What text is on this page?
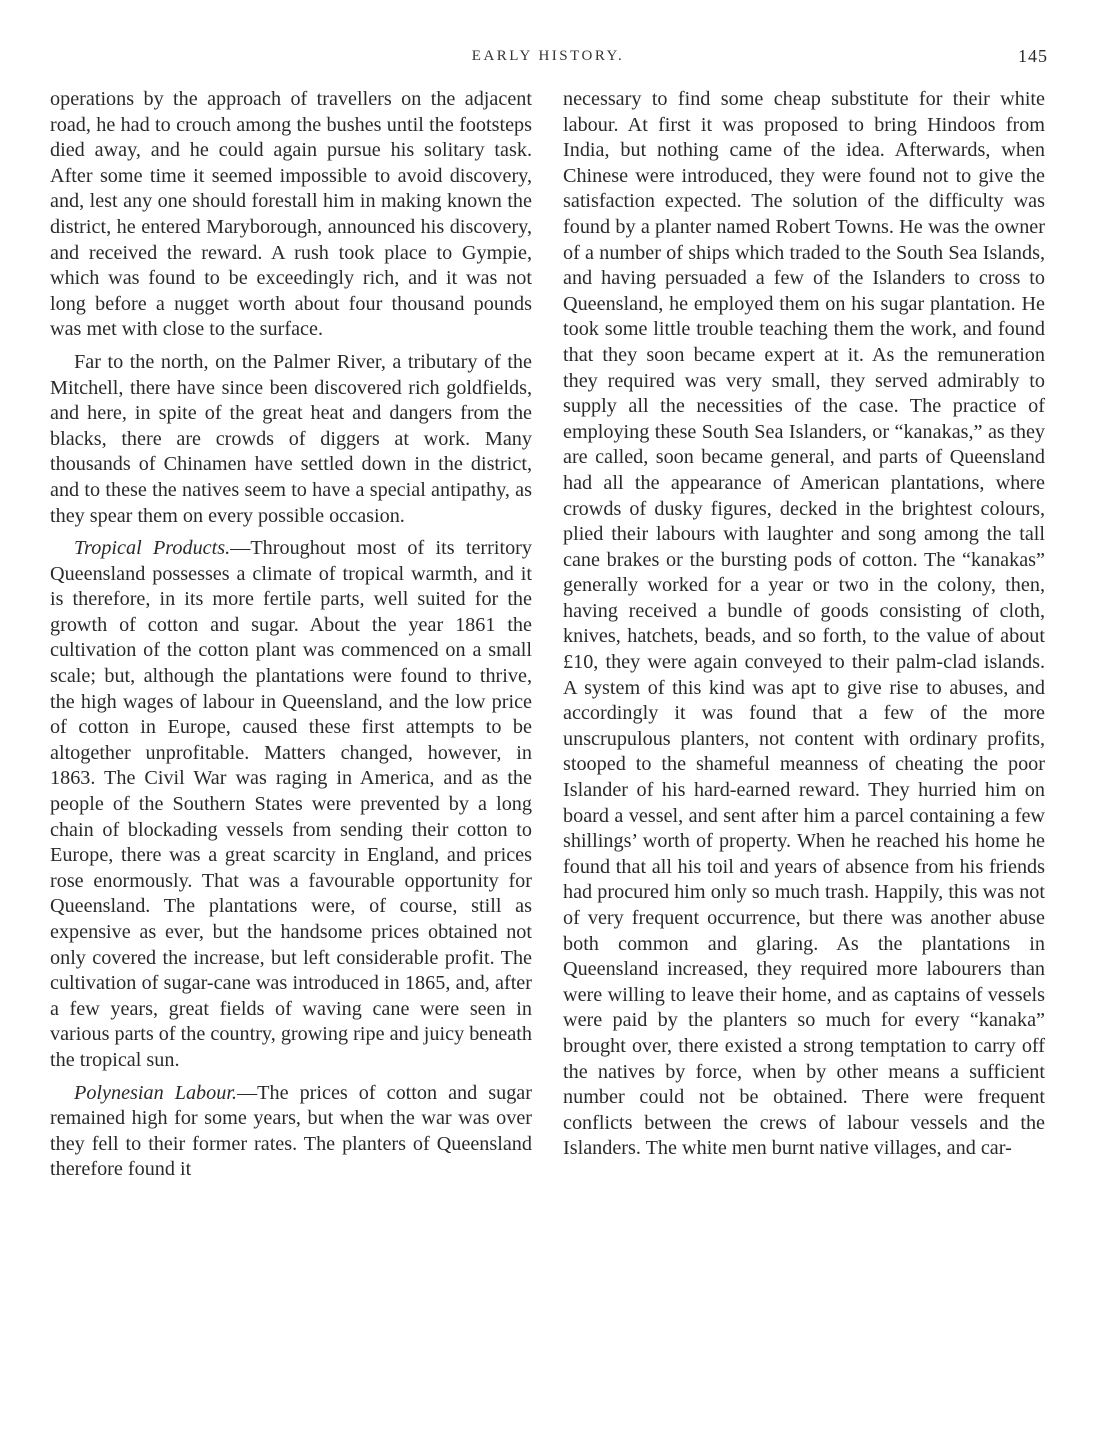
EARLY HISTORY.	145

operations by the approach of travellers on the adjacent road, he had to crouch among the bushes until the footsteps died away, and he could again pursue his solitary task. After some time it seemed impossible to avoid discovery, and, lest any one should forestall him in making known the district, he entered Maryborough, announced his discovery, and received the reward. A rush took place to Gympie, which was found to be exceedingly rich, and it was not long before a nugget worth about four thousand pounds was met with close to the surface.

Far to the north, on the Palmer River, a tributary of the Mitchell, there have since been discovered rich goldfields, and here, in spite of the great heat and dangers from the blacks, there are crowds of diggers at work. Many thousands of Chinamen have settled down in the district, and to these the natives seem to have a special antipathy, as they spear them on every possible occasion.

Tropical Products.—Throughout most of its territory Queensland possesses a climate of tropical warmth, and it is therefore, in its more fertile parts, well suited for the growth of cotton and sugar. About the year 1861 the cultivation of the cotton plant was commenced on a small scale; but, although the plantations were found to thrive, the high wages of labour in Queensland, and the low price of cotton in Europe, caused these first attempts to be altogether unprofitable. Matters changed, however, in 1863. The Civil War was raging in America, and as the people of the Southern States were prevented by a long chain of blockading vessels from sending their cotton to Europe, there was a great scarcity in England, and prices rose enormously. That was a favourable opportunity for Queensland. The plantations were, of course, still as expensive as ever, but the handsome prices obtained not only covered the increase, but left considerable profit. The cultivation of sugar-cane was introduced in 1865, and, after a few years, great fields of waving cane were seen in various parts of the country, growing ripe and juicy beneath the tropical sun.

Polynesian Labour.—The prices of cotton and sugar remained high for some years, but when the war was over they fell to their former rates. The planters of Queensland therefore found it

necessary to find some cheap substitute for their white labour. At first it was proposed to bring Hindoos from India, but nothing came of the idea. Afterwards, when Chinese were introduced, they were found not to give the satisfaction expected. The solution of the difficulty was found by a planter named Robert Towns. He was the owner of a number of ships which traded to the South Sea Islands, and having persuaded a few of the Islanders to cross to Queensland, he employed them on his sugar plantation. He took some little trouble teaching them the work, and found that they soon became expert at it. As the remuneration they required was very small, they served admirably to supply all the necessities of the case. The practice of employing these South Sea Islanders, or “kanakas,” as they are called, soon became general, and parts of Queensland had all the appearance of American plantations, where crowds of dusky figures, decked in the brightest colours, plied their labours with laughter and song among the tall cane brakes or the bursting pods of cotton. The “kanakas” generally worked for a year or two in the colony, then, having received a bundle of goods consisting of cloth, knives, hatchets, beads, and so forth, to the value of about £10, they were again conveyed to their palm-clad islands. A system of this kind was apt to give rise to abuses, and accordingly it was found that a few of the more unscrupulous planters, not content with ordinary profits, stooped to the shameful meanness of cheating the poor Islander of his hard-earned reward. They hurried him on board a vessel, and sent after him a parcel containing a few shillings’ worth of property. When he reached his home he found that all his toil and years of absence from his friends had procured him only so much trash. Happily, this was not of very frequent occurrence, but there was another abuse both common and glaring. As the plantations in Queensland increased, they required more labourers than were willing to leave their home, and as captains of vessels were paid by the planters so much for every “kanaka” brought over, there existed a strong temptation to carry off the natives by force, when by other means a sufficient number could not be obtained. There were frequent conflicts between the crews of labour vessels and the Islanders. The white men burnt native villages, and car-
